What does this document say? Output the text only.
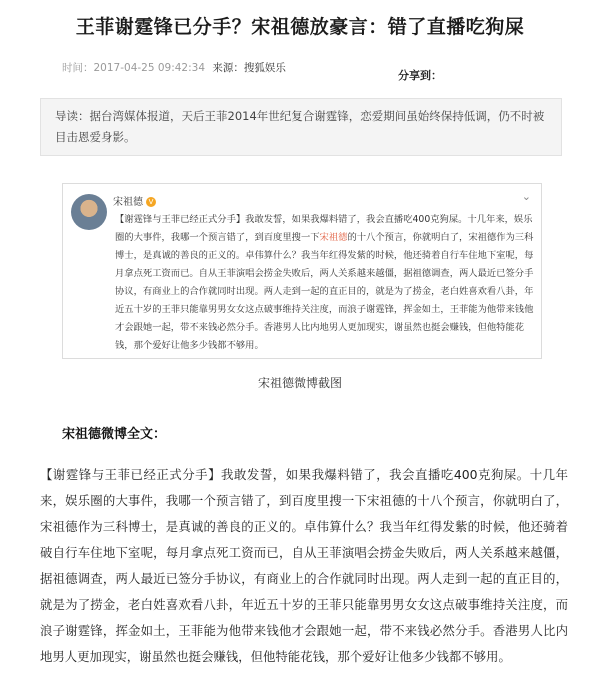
王菲谢霆锋已分手？宋祖德放豪言：错了直播吃狗屎
时间：2017-04-25 09:42:34 来源：搜狐娱乐
分享到：
导读：据台湾媒体报道，天后王菲2014年世纪复合谢霆锋，恋爱期间虽始终保持低调，仍不时被目击恩爱身影。
宋祖德 V	⌄
【谢霆锋与王菲已经正式分手】我敢发誓，如果我爆料错了，我会直播吃400克狗屎。十几年来，娱乐圈的大事件，我哪一个预言错了，到百度里搜一下宋祖德的十八个预言，你就明白了，宋祖德作为三科博士，是真诚的善良的正义的。卓伟算什么？我当年红得发紫的时候，他还骑着自行车住地下室呢，每月拿点死工资而已。自从王菲演唱会捞金失败后，两人关系越来越僵，据祖德调查，两人最近已签分手协议，有商业上的合作就同时出现。两人走到一起的直正目的，就是为了捞金，老白姓喜欢看八卦，年近五十岁的王菲只能靠男男女女这点破事维持关注度，而浪子谢霆锋，挥金如土，王菲能为他带来钱他才会跟她一起，带不来钱必然分手。香港男人比内地男人更加现实，谢虽然也挺会赚钱，但他特能花钱，那个爱好让他多少钱都不够用。
宋祖德微博截图
宋祖德微博全文：
【谢霆锋与王菲已经正式分手】我敢发誓，如果我爆料错了，我会直播吃400克狗屎。十几年来，娱乐圈的大事件，我哪一个预言错了，到百度里搜一下宋祖德的十八个预言，你就明白了，宋祖德作为三科博士，是真诚的善良的正义的。卓伟算什么？我当年红得发紫的时候，他还骑着破自行车住地下室呢，每月拿点死工资而已，自从王菲演唱会捞金失败后，两人关系越来越僵，据祖德调查，两人最近已签分手协议，有商业上的合作就同时出现。两人走到一起的直正目的，就是为了捞金，老白姓喜欢看八卦，年近五十岁的王菲只能靠男男女女这点破事维持关注度，而浪子谢霆锋，挥金如土，王菲能为他带来钱他才会跟她一起，带不来钱必然分手。香港男人比内地男人更加现实，谢虽然也挺会赚钱，但他特能花钱，那个爱好让他多少钱都不够用。
